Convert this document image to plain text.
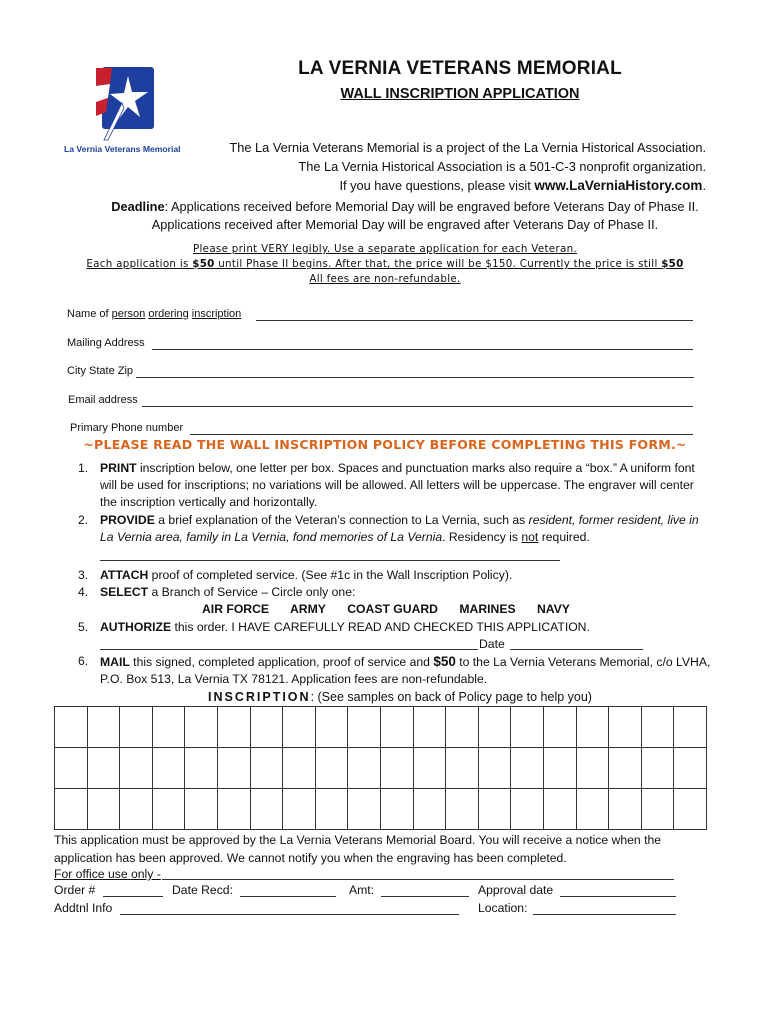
La Vernia Veterans Memorial
LA VERNIA VETERANS MEMORIAL
WALL INSCRIPTION APPLICATION
The La Vernia Veterans Memorial is a project of the La Vernia Historical Association.
The La Vernia Historical Association is a 501-C-3 nonprofit organization.
If you have questions, please visit www.LaVerniaHistory.com.
Deadline: Applications received before Memorial Day will be engraved before Veterans Day of Phase II.
Applications received after Memorial Day will be engraved after Veterans Day of Phase II.
Please print VERY legibly. Use a separate application for each Veteran.
Each application is $50 until Phase II begins. After that, the price will be $150. Currently the price is still $50
All fees are non-refundable.
Name of person ordering inscription
Mailing Address
City State Zip
Email address
Primary Phone number
~PLEASE READ THE WALL INSCRIPTION POLICY BEFORE COMPLETING THIS FORM.~
1. PRINT inscription below, one letter per box. Spaces and punctuation marks also require a “box.” A uniform font will be used for inscriptions; no variations will be allowed. All letters will be uppercase. The engraver will center the inscription vertically and horizontally.
2. PROVIDE a brief explanation of the Veteran’s connection to La Vernia, such as resident, former resident, live in La Vernia area, family in La Vernia, fond memories of La Vernia. Residency is not required.
3. ATTACH proof of completed service. (See #1c in the Wall Inscription Policy).
4. SELECT a Branch of Service – Circle only one:
AIR FORCE ARMY COAST GUARD MARINES NAVY
5. AUTHORIZE this order. I HAVE CAREFULLY READ AND CHECKED THIS APPLICATION.
Date
6. MAIL this signed, completed application, proof of service and $50 to the La Vernia Veterans Memorial, c/o LVHA, P.O. Box 513, La Vernia TX 78121. Application fees are non-refundable.
INSCRIPTION: (See samples on back of Policy page to help you)

This application must be approved by the La Vernia Veterans Memorial Board. You will receive a notice when the application has been approved. We cannot notify you when the engraving has been completed.
For office use only -
Order #	Date Recd:	Amt:	Approval date
Addtnl Info	Location:
